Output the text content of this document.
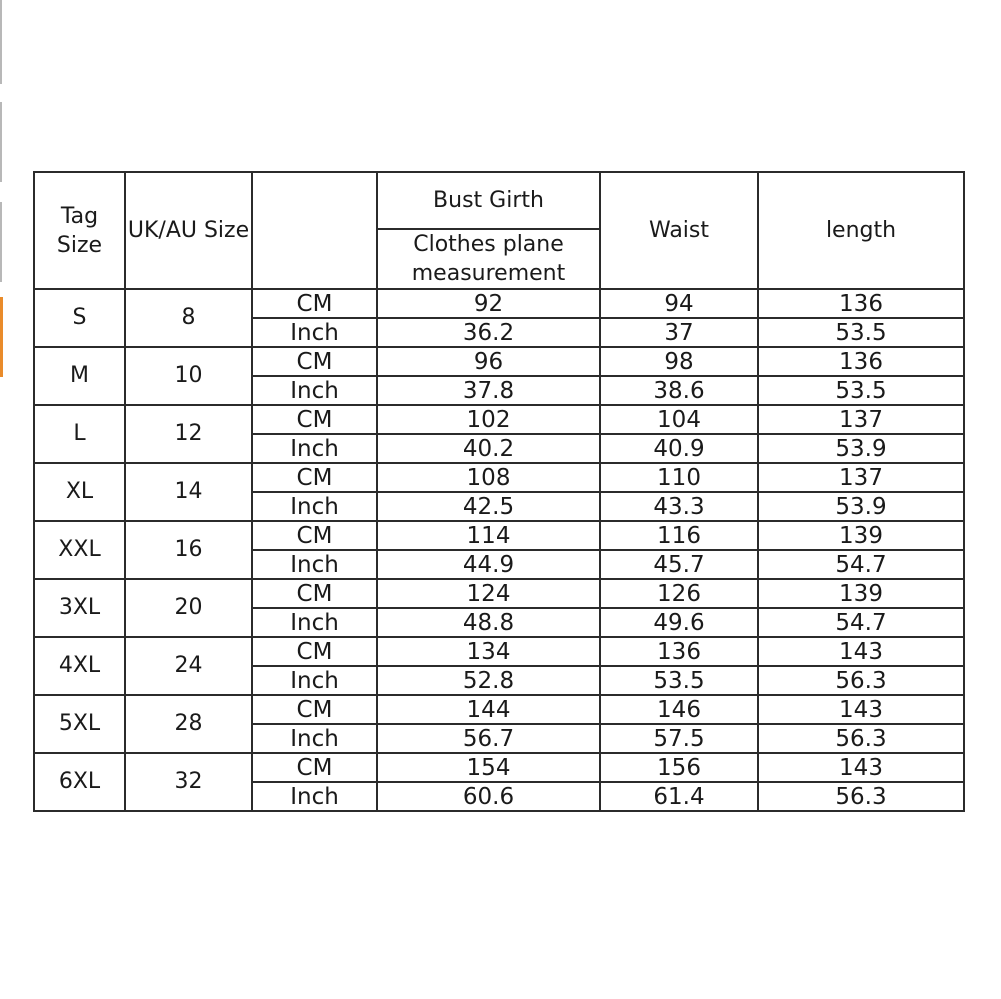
Tag Size	UK/AU Size		Bust Girth	Waist	length
			Clothes plane measurement		
S	8	CM	92	94	136
		Inch	36.2	37	53.5
M	10	CM	96	98	136
		Inch	37.8	38.6	53.5
L	12	CM	102	104	137
		Inch	40.2	40.9	53.9
XL	14	CM	108	110	137
		Inch	42.5	43.3	53.9
XXL	16	CM	114	116	139
		Inch	44.9	45.7	54.7
3XL	20	CM	124	126	139
		Inch	48.8	49.6	54.7
4XL	24	CM	134	136	143
		Inch	52.8	53.5	56.3
5XL	28	CM	144	146	143
		Inch	56.7	57.5	56.3
6XL	32	CM	154	156	143
		Inch	60.6	61.4	56.3
